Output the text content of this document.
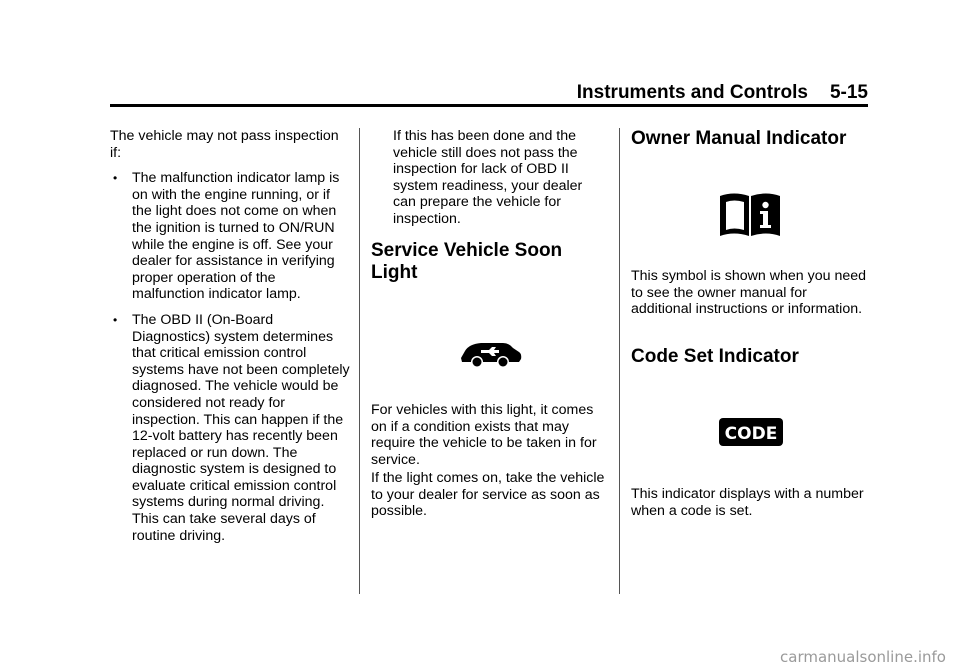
Instruments and Controls 5-15

The vehicle may not pass inspection if:

• The malfunction indicator lamp is on with the engine running, or if the light does not come on when the ignition is turned to ON/RUN while the engine is off. See your dealer for assistance in verifying proper operation of the malfunction indicator lamp.
• The OBD II (On-Board Diagnostics) system determines that critical emission control systems have not been completely diagnosed. The vehicle would be considered not ready for inspection. This can happen if the 12-volt battery has recently been replaced or run down. The diagnostic system is designed to evaluate critical emission control systems during normal driving. This can take several days of routine driving.

If this has been done and the vehicle still does not pass the inspection for lack of OBD II system readiness, your dealer can prepare the vehicle for inspection.

Service Vehicle Soon Light

For vehicles with this light, it comes on if a condition exists that may require the vehicle to be taken in for service.

If the light comes on, take the vehicle to your dealer for service as soon as possible.

Owner Manual Indicator

This symbol is shown when you need to see the owner manual for additional instructions or information.

Code Set Indicator
CODE

This indicator displays with a number when a code is set.

carmanualsonline.info
